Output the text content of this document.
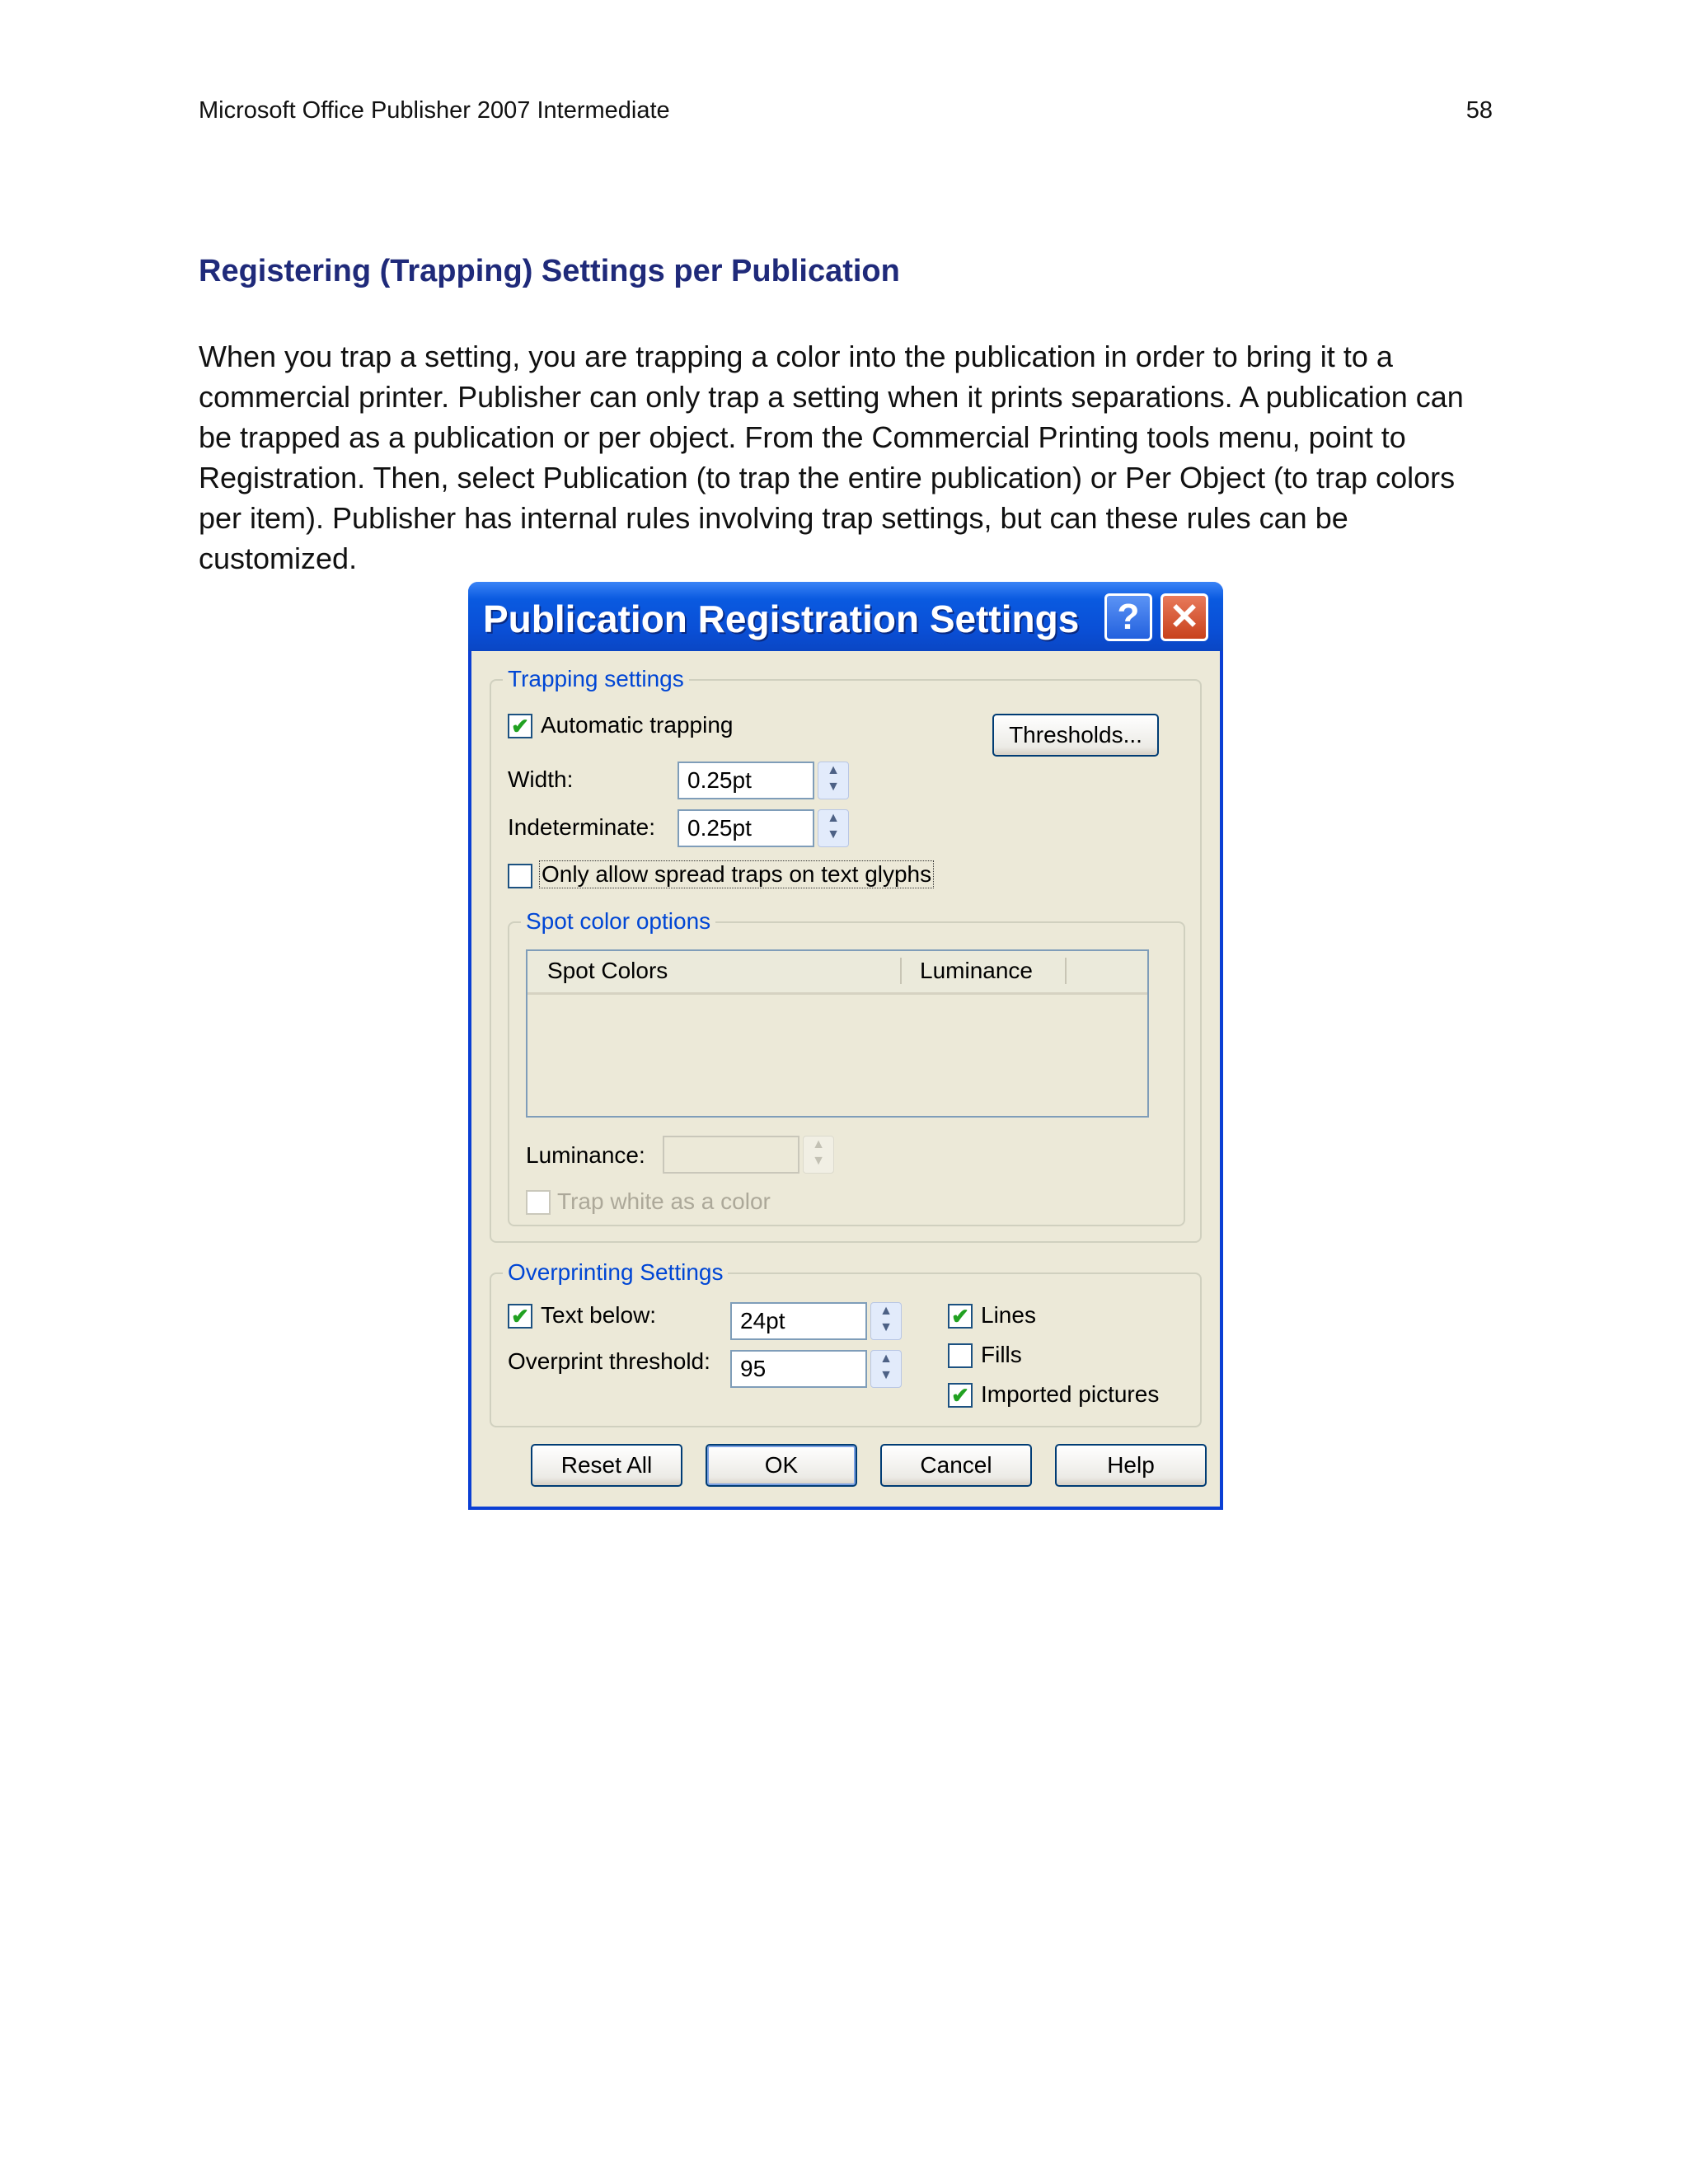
Microsoft Office Publisher 2007 Intermediate	58
Registering (Trapping) Settings per Publication
When you trap a setting, you are trapping a color into the publication in order to bring it to a commercial printer. Publisher can only trap a setting when it prints separations. A publication can be trapped as a publication or per object. From the Commercial Printing tools menu, point to Registration. Then, select Publication (to trap the entire publication) or Per Object (to trap colors per item). Publisher has internal rules involving trap settings, but can these rules can be customized.
Publication Registration Settings	? ✕
Trapping settings
✔ Automatic trapping	Thresholds...
Width:	0.25pt	▲
▼
Indeterminate:	0.25pt	▲
▼
Only allow spread traps on text glyphs
Spot color options
Spot Colors	Luminance
Luminance:	▲
▼
Trap white as a color
Overprinting Settings
✔ Text below:	24pt	▲
▼
Overprint threshold:	95	▲
▼
✔ Lines
Fills
✔ Imported pictures
Reset All	OK	Cancel	Help
